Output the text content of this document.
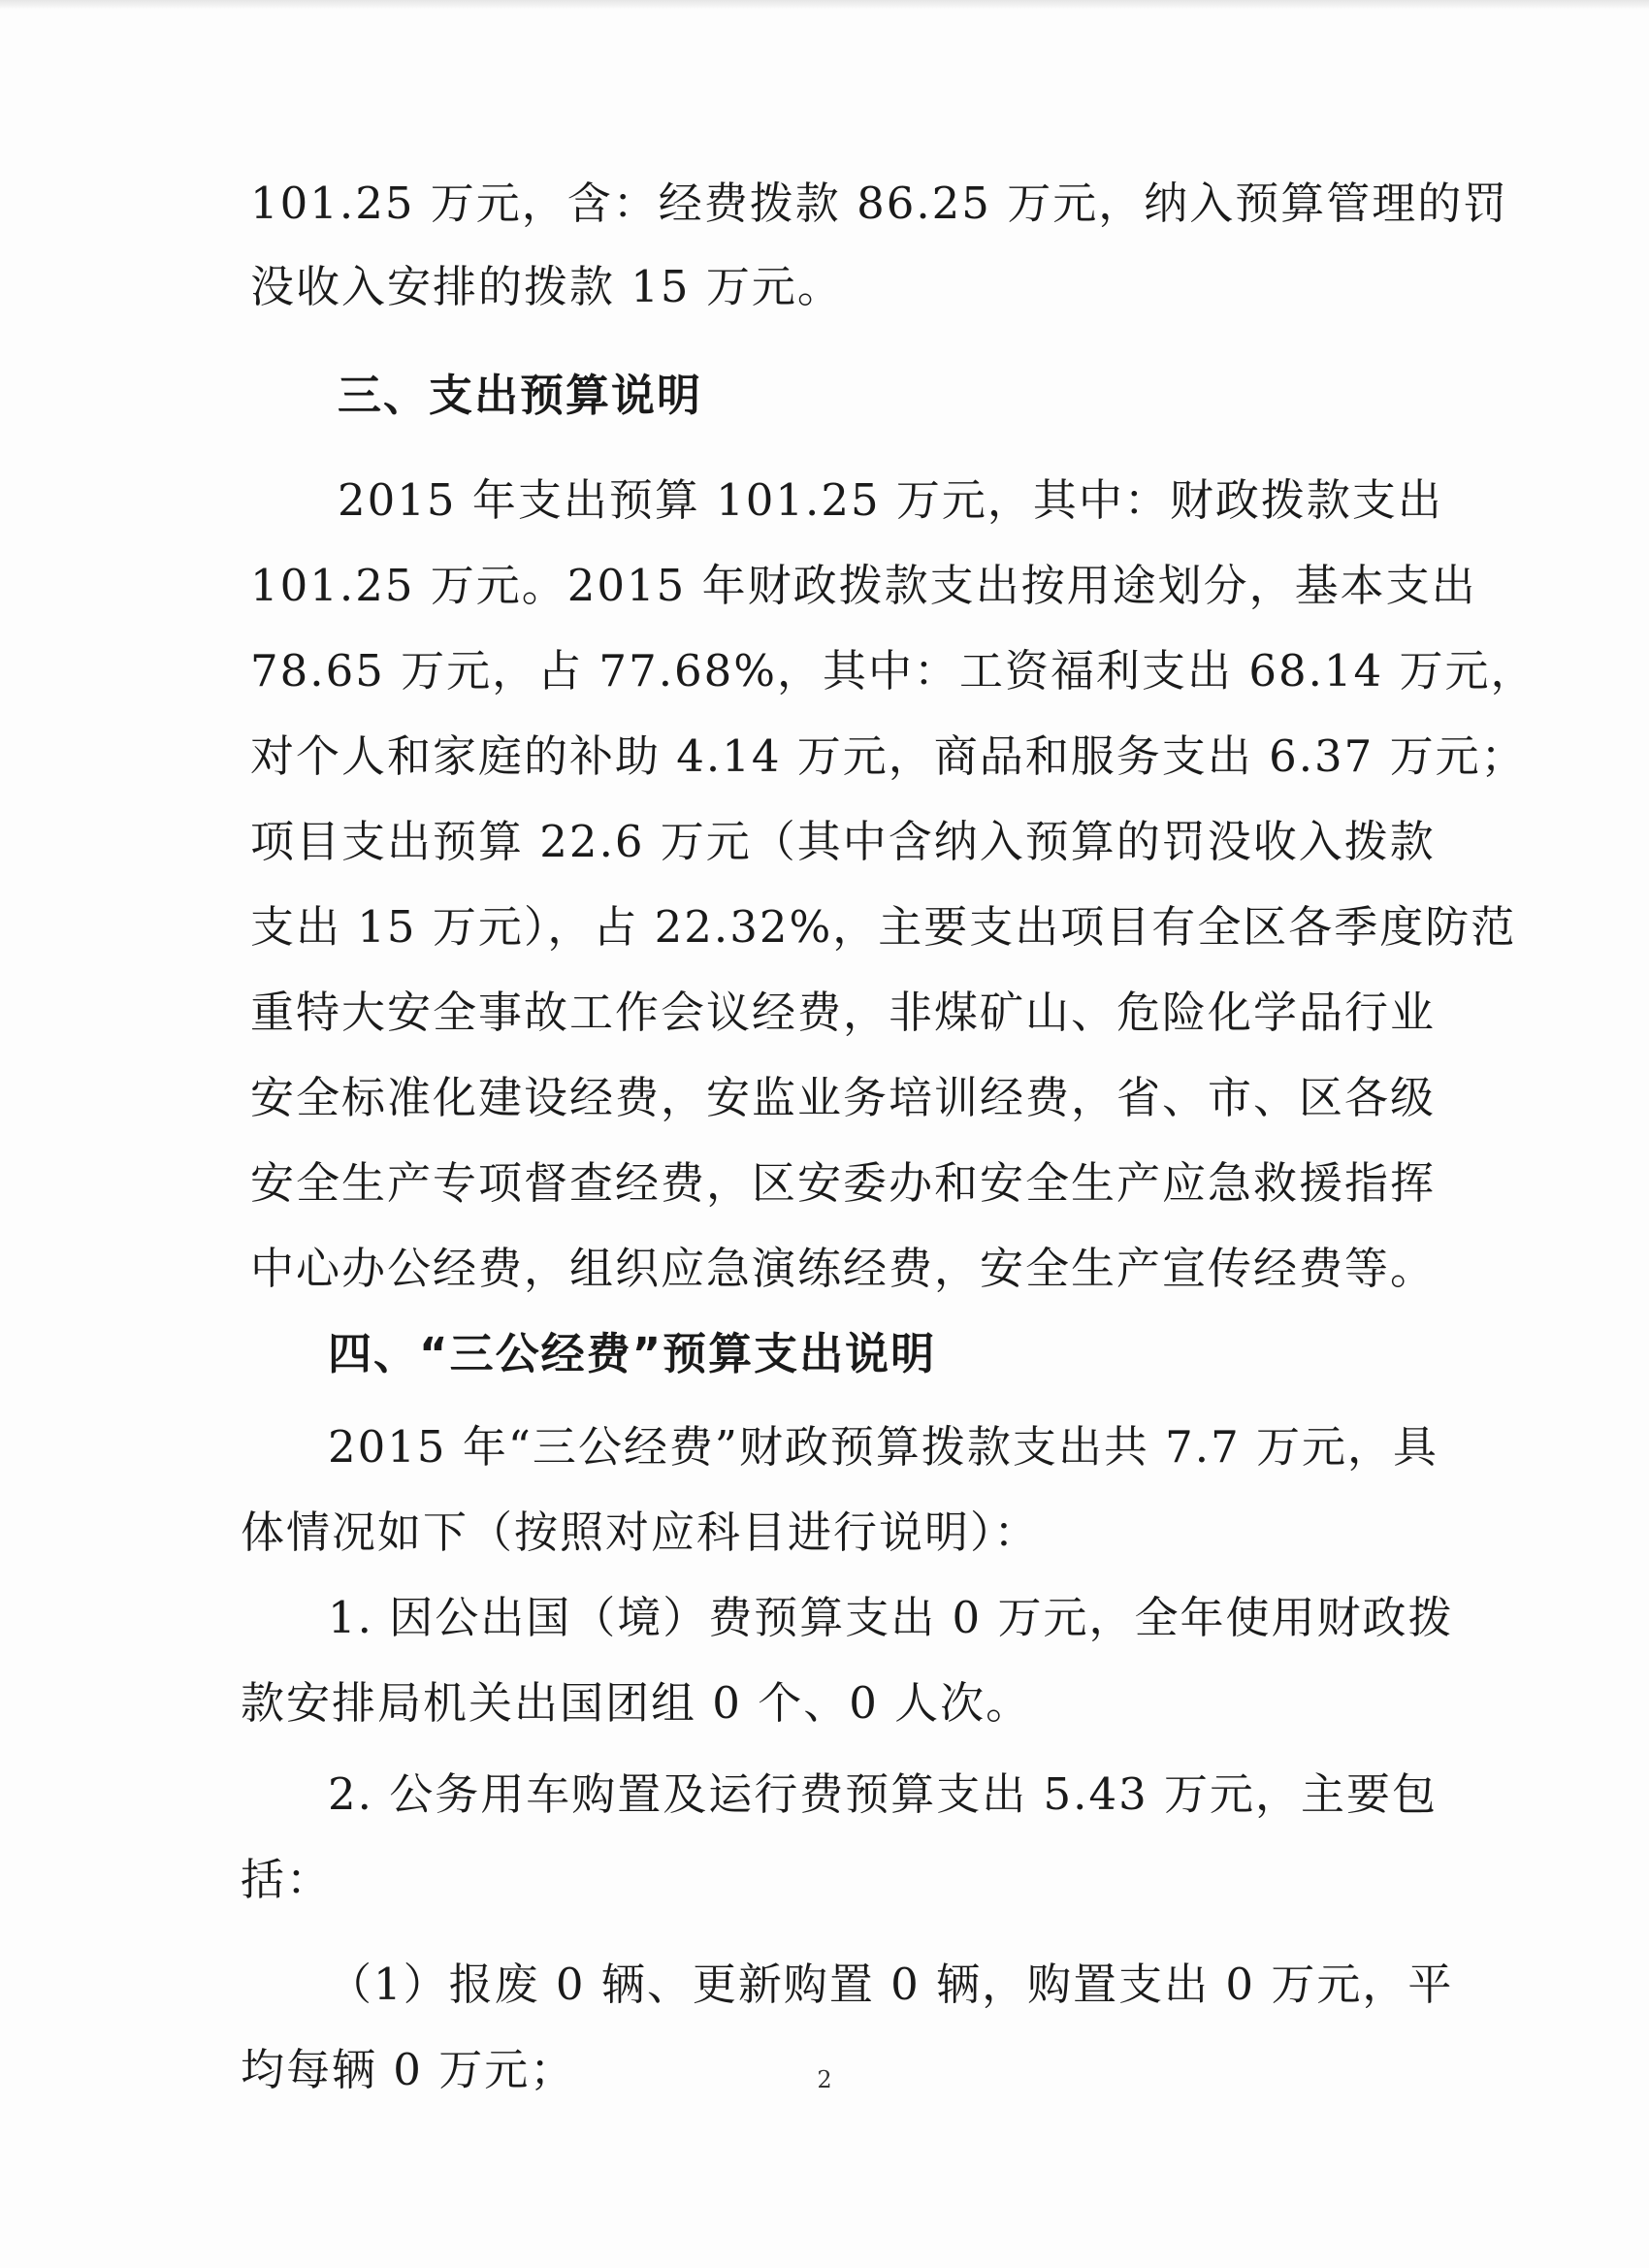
101.25 万元，含：经费拨款 86.25 万元，纳入预算管理的罚
没收入安排的拨款 15 万元。
三、支出预算说明
2015 年支出预算 101.25 万元，其中：财政拨款支出
101.25 万元。2015 年财政拨款支出按用途划分，基本支出
78.65 万元，占 77.68%，其中：工资福利支出 68.14 万元，
对个人和家庭的补助 4.14 万元，商品和服务支出 6.37 万元；
项目支出预算 22.6 万元（其中含纳入预算的罚没收入拨款
支出 15 万元），占 22.32%，主要支出项目有全区各季度防范
重特大安全事故工作会议经费，非煤矿山、危险化学品行业
安全标准化建设经费，安监业务培训经费，省、市、区各级
安全生产专项督查经费，区安委办和安全生产应急救援指挥
中心办公经费，组织应急演练经费，安全生产宣传经费等。
四、“三公经费”预算支出说明
2015 年“三公经费”财政预算拨款支出共 7.7 万元，具
体情况如下（按照对应科目进行说明）：
1. 因公出国（境）费预算支出 0 万元，全年使用财政拨
款安排局机关出国团组 0 个、0 人次。
2. 公务用车购置及运行费预算支出 5.43 万元，主要包
括：
（1）报废 0 辆、更新购置 0 辆，购置支出 0 万元，平
均每辆 0 万元；	2
